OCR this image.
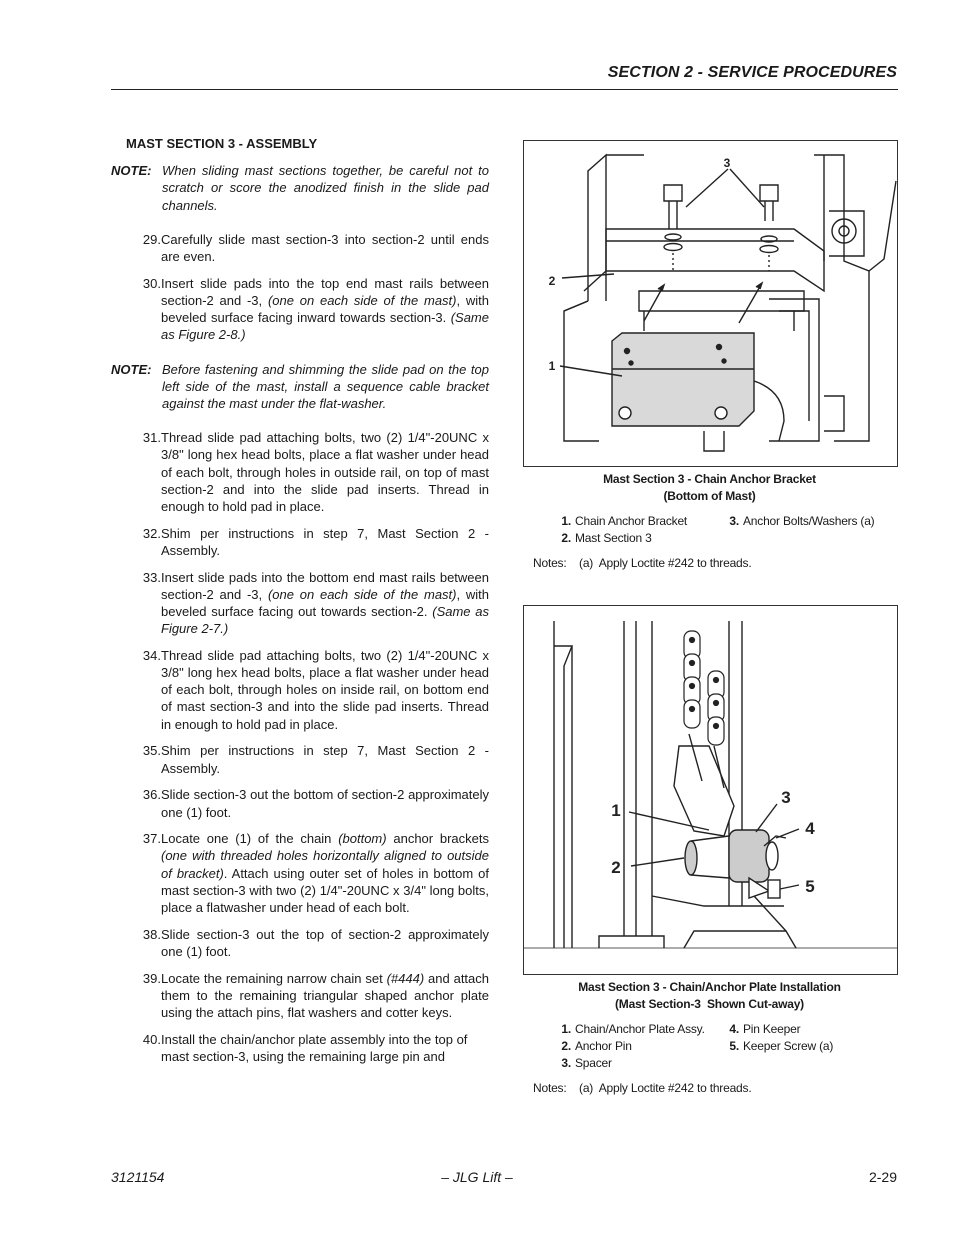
SECTION 2 - SERVICE PROCEDURES
MAST SECTION 3 - ASSEMBLY
NOTE: When sliding mast sections together, be careful not to scratch or score the anodized finish in the slide pad channels.
29. Carefully slide mast section-3 into section-2 until ends are even.
30. Insert slide pads into the top end mast rails between section-2 and -3, (one on each side of the mast), with beveled surface facing inward towards section-3. (Same as Figure 2-8.)
NOTE: Before fastening and shimming the slide pad on the top left side of the mast, install a sequence cable bracket against the mast under the flat-washer.
31. Thread slide pad attaching bolts, two (2) 1/4"-20UNC x 3/8" long hex head bolts, place a flat washer under head of each bolt, through holes in outside rail, on top of mast section-2 and into the slide pad inserts. Thread in enough to hold pad in place.
32. Shim per instructions in step 7, Mast Section 2 - Assembly.
33. Insert slide pads into the bottom end mast rails between section-2 and -3, (one on each side of the mast), with beveled surface facing out towards section-2. (Same as Figure 2-7.)
34. Thread slide pad attaching bolts, two (2) 1/4"-20UNC x 3/8" long hex head bolts, place a flat washer under head of each bolt, through holes on inside rail, on bottom end of mast section-3 and into the slide pad inserts. Thread in enough to hold pad in place.
35. Shim per instructions in step 7, Mast Section 2 - Assembly.
36. Slide section-3 out the bottom of section-2 approximately one (1) foot.
37. Locate one (1) of the chain (bottom) anchor brackets (one with threaded holes horizontally aligned to outside of bracket). Attach using outer set of holes in bottom of mast section-3 with two (2) 1/4"-20UNC x 3/4" long bolts, place a flatwasher under head of each bolt.
38. Slide section-3 out the top of section-2 approximately one (1) foot.
39. Locate the remaining narrow chain set (#444) and attach them to the remaining triangular shaped anchor plate using the attach pins, flat washers and cotter keys.
40. Install the chain/anchor plate assembly into the top of mast section-3, using the remaining large pin and
3
2
1
Mast Section 3 - Chain Anchor Bracket
(Bottom of Mast)
1. Chain Anchor Bracket
2. Mast Section 3
3. Anchor Bolts/Washers (a)
Notes:    (a)  Apply Loctite #242 to threads.
1
2
3
4
5
Mast Section 3 - Chain/Anchor Plate Installation
(Mast Section-3  Shown Cut-away)
1. Chain/Anchor Plate Assy.
2. Anchor Pin
3. Spacer
4. Pin Keeper
5. Keeper Screw (a)
Notes:    (a)  Apply Loctite #242 to threads.
3121154	– JLG Lift –	2-29
